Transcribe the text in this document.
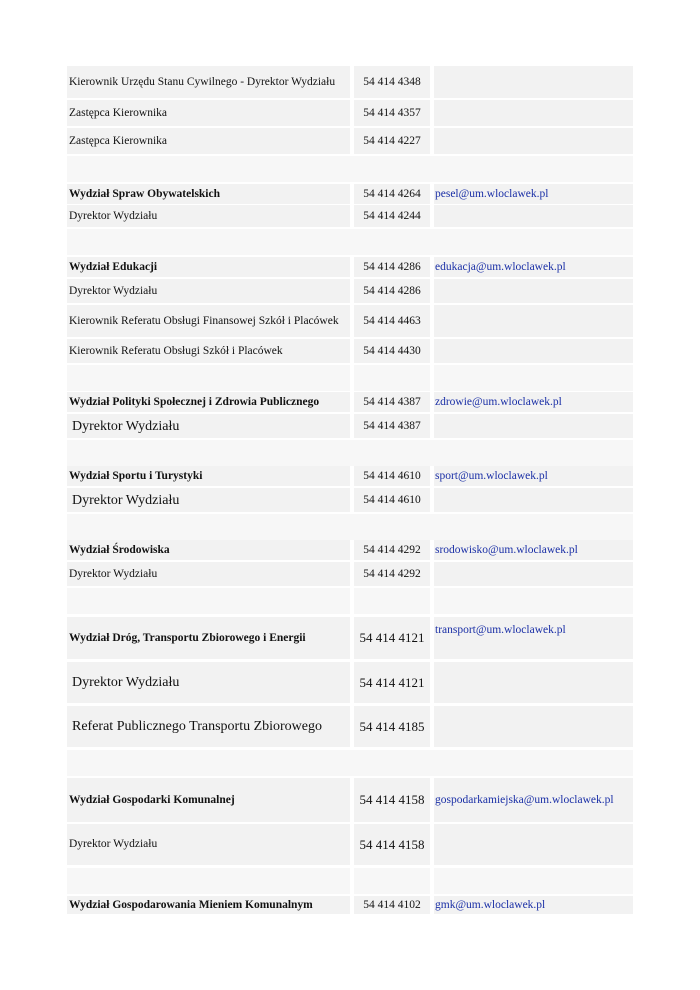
Kierownik Urzędu Stanu Cywilnego - Dyrektor Wydziału	54 414 4348
Zastępca Kierownika	54 414 4357
Zastępca Kierownika	54 414 4227
Wydział Spraw Obywatelskich	54 414 4264	pesel@um.wloclawek.pl
Dyrektor Wydziału	54 414 4244
Wydział Edukacji	54 414 4286	edukacja@um.wloclawek.pl
Dyrektor Wydziału	54 414 4286
Kierownik Referatu Obsługi Finansowej Szkół i Placówek	54 414 4463
Kierownik Referatu Obsługi Szkół i Placówek	54 414 4430
Wydział Polityki Społecznej i Zdrowia Publicznego	54 414 4387	zdrowie@um.wloclawek.pl
Dyrektor Wydziału	54 414 4387
Wydział Sportu i Turystyki	54 414 4610	sport@um.wloclawek.pl
Dyrektor Wydziału	54 414 4610
Wydział Środowiska	54 414 4292	srodowisko@um.wloclawek.pl
Dyrektor Wydziału	54 414 4292
Wydział Dróg, Transportu Zbiorowego i Energii	54 414 4121 transport@um.wloclawek.pl
Dyrektor Wydziału	54 414 4121
Referat Publicznego Transportu Zbiorowego	54 414 4185
Wydział Gospodarki Komunalnej	54 414 4158 gospodarkamiejska@um.wloclawek.pl
Dyrektor Wydziału	54 414 4158
Wydział Gospodarowania Mieniem Komunalnym	54 414 4102	gmk@um.wloclawek.pl
